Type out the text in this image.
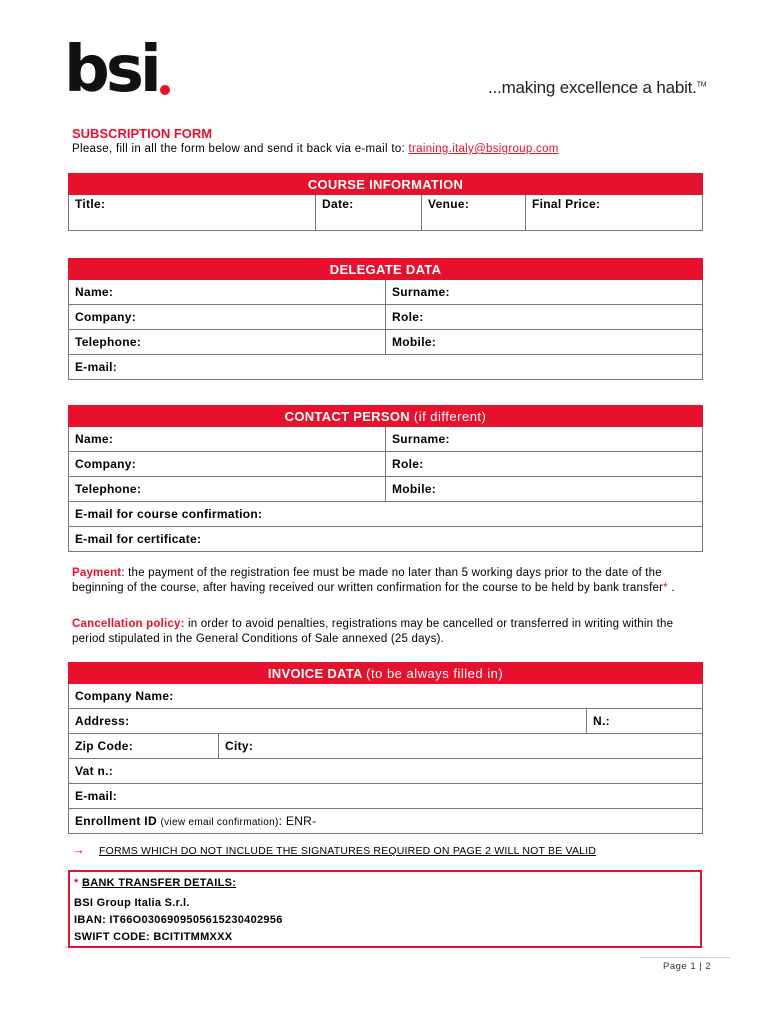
bsi	...making excellence a habit.™
SUBSCRIPTION FORM
Please, fill in all the form below and send it back via e-mail to: training.italy@bsigroup.com
COURSE INFORMATION
Title:	Date:	Venue:	Final Price:
DELEGATE DATA	
Name:	Surname:
Company:	Role:
Telephone:	Mobile:
E-mail:	
CONTACT PERSON (if different)	
Name:	Surname:
Company:	Role:
Telephone:	Mobile:
E-mail for course confirmation:	
E-mail for certificate:	
Payment: the payment of the registration fee must be made no later than 5 working days prior to the date of the beginning of the course, after having received our written confirmation for the course to be held by bank transfer* .
Cancellation policy: in order to avoid penalties, registrations may be cancelled or transferred in writing within the period stipulated in the General Conditions of Sale annexed (25 days).
INVOICE DATA (to be always filled in)		
Company Name:		
Address:		N.:
Zip Code:	City:	
Vat n.:		
E-mail:		
Enrollment ID (view email confirmation): ENR-		
→ FORMS WHICH DO NOT INCLUDE THE SIGNATURES REQUIRED ON PAGE 2 WILL NOT BE VALID
* BANK TRANSFER DETAILS:
BSI Group Italia S.r.l.
IBAN: IT66O0306909505615230402956
SWIFT CODE: BCITITMMXXX
Page 1 | 2
